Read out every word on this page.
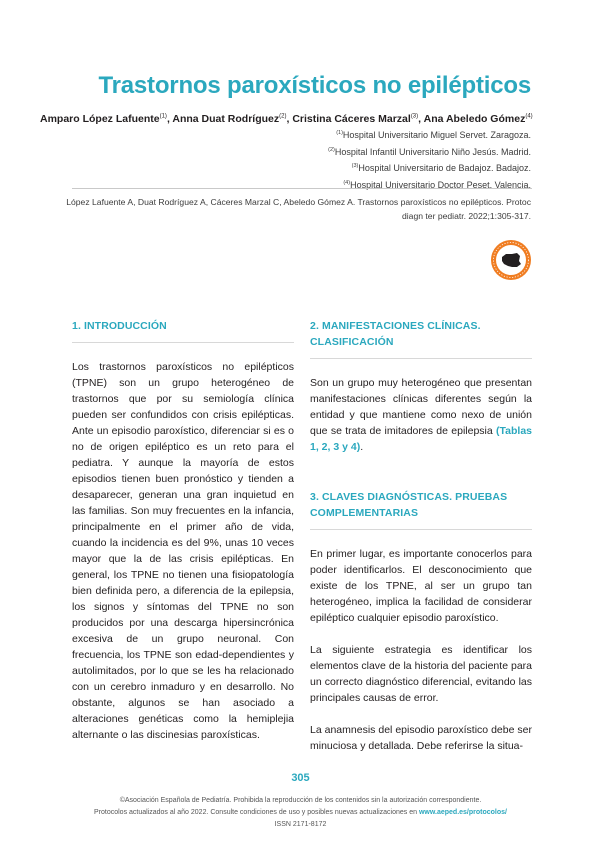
Trastornos paroxísticos no epilépticos
Amparo López Lafuente$^{(1)}$, Anna Duat Rodríguez$^{(2)}$, Cristina Cáceres Marzal$^{(3)}$, Ana Abeledo Gómez$^{(4)}$
$^{(1)}$Hospital Universitario Miguel Servet. Zaragoza.
$^{(2)}$Hospital Infantil Universitario Niño Jesús. Madrid.
$^{(3)}$Hospital Universitario de Badajoz. Badajoz.
$^{(4)}$Hospital Universitario Doctor Peset. Valencia.
López Lafuente A, Duat Rodríguez A, Cáceres Marzal C, Abeledo Gómez A. Trastornos paroxísticos no epilépticos. Protoc
diagn ter pediatr. 2022;1:305-317.
1. INTRODUCCIÓN

Los trastornos paroxísticos no epilépticos (TPNE) son un grupo heterogéneo de trastornos que por su semiología clínica pueden ser confundidos con crisis epilépticas. Ante un episodio paroxístico, diferenciar si es o no de origen epiléptico es un reto para el pediatra. Y aunque la mayoría de estos episodios tienen buen pronóstico y tienden a desaparecer, generan una gran inquietud en las familias. Son muy frecuentes en la infancia, principalmente en el primer año de vida, cuando la incidencia es del 9%, unas 10 veces mayor que la de las crisis epilépticas. En general, los TPNE no tienen una fisiopatología bien definida pero, a diferencia de la epilepsia, los signos y síntomas del TPNE no son producidos por una descarga hipersincrónica excesiva de un grupo neuronal. Con frecuencia, los TPNE son edad-dependientes y autolimitados, por lo que se les ha relacionado con un cerebro inmaduro y en desarrollo. No obstante, algunos se han asociado a alteraciones genéticas como la hemiplejia alternante o las discinesias paroxísticas.

2. MANIFESTACIONES CLÍNICAS.
CLASIFICACIÓN

Son un grupo muy heterogéneo que presentan manifestaciones clínicas diferentes según la entidad y que mantiene como nexo de unión que se trata de imitadores de epilepsia (Tablas 1, 2, 3 y 4).

3. CLAVES DIAGNÓSTICAS. PRUEBAS
COMPLEMENTARIAS

En primer lugar, es importante conocerlos para poder identificarlos. El desconocimiento que existe de los TPNE, al ser un grupo tan heterogéneo, implica la facilidad de considerar epiléptico cualquier episodio paroxístico.

La siguiente estrategia es identificar los elementos clave de la historia del paciente para un correcto diagnóstico diferencial, evitando las principales causas de error.

La anamnesis del episodio paroxístico debe ser minuciosa y detallada. Debe referirse la situa-

305
©Asociación Española de Pediatría. Prohibida la reproducción de los contenidos sin la autorización correspondiente.
Protocolos actualizados al año 2022. Consulte condiciones de uso y posibles nuevas actualizaciones en www.aeped.es/protocolos/
ISSN 2171-8172
